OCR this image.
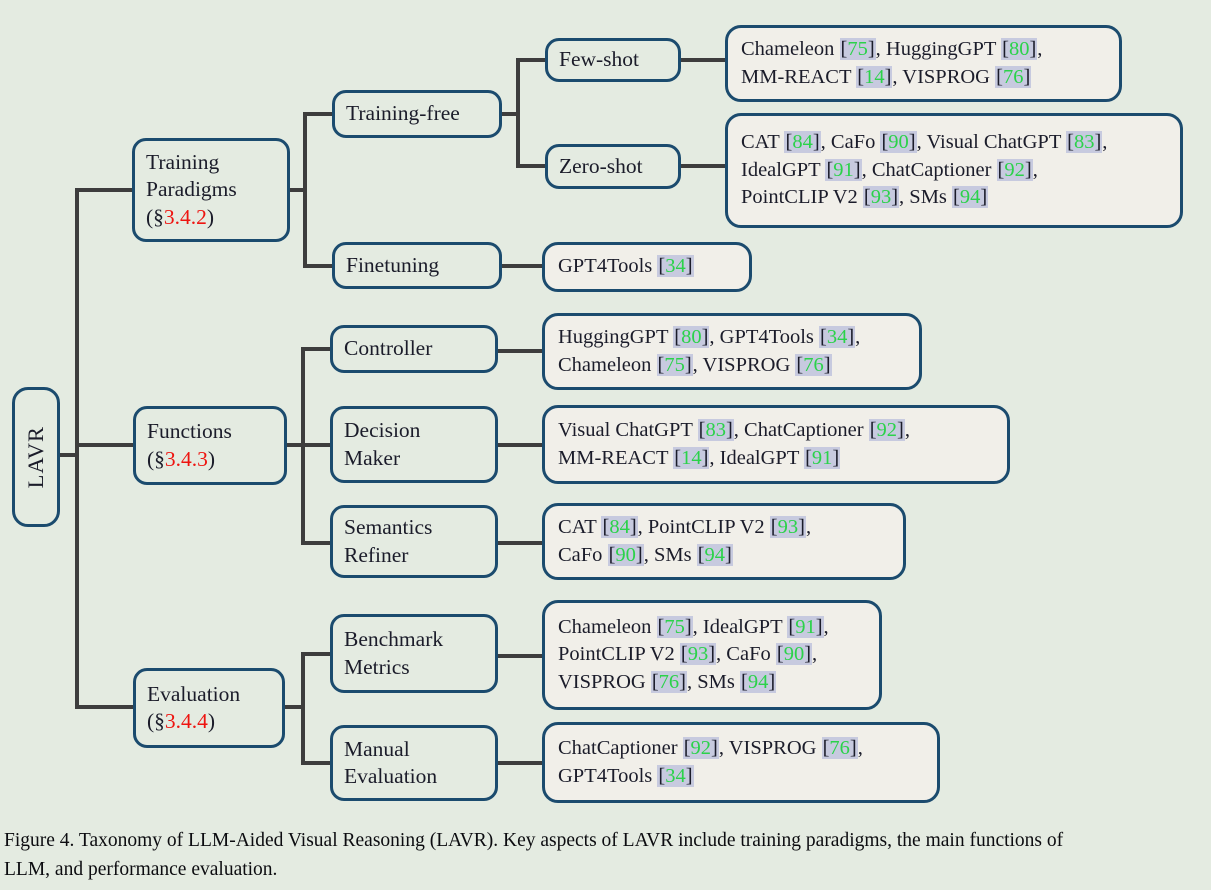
LAVR
Training
Paradigms
(§3.4.2)
Functions
(§3.4.3)
Evaluation
(§3.4.4)
Training-free
Finetuning
Few-shot
Zero-shot
Controller
Decision
Maker
Semantics
Refiner
Benchmark
Metrics
Manual
Evaluation
Chameleon [75], HuggingGPT [80],
MM-REACT [14], VISPROG [76]
CAT [84], CaFo [90], Visual ChatGPT [83],
IdealGPT [91], ChatCaptioner [92],
PointCLIP V2 [93], SMs [94]
GPT4Tools [34]
HuggingGPT [80], GPT4Tools [34],
Chameleon [75], VISPROG [76]
Visual ChatGPT [83], ChatCaptioner [92],
MM-REACT [14], IdealGPT [91]
CAT [84], PointCLIP V2 [93],
CaFo [90], SMs [94]
Chameleon [75], IdealGPT [91],
PointCLIP V2 [93], CaFo [90],
VISPROG [76], SMs [94]
ChatCaptioner [92], VISPROG [76],
GPT4Tools [34]
Figure 4. Taxonomy of LLM-Aided Visual Reasoning (LAVR). Key aspects of LAVR include training paradigms, the main functions of
LLM, and performance evaluation.
